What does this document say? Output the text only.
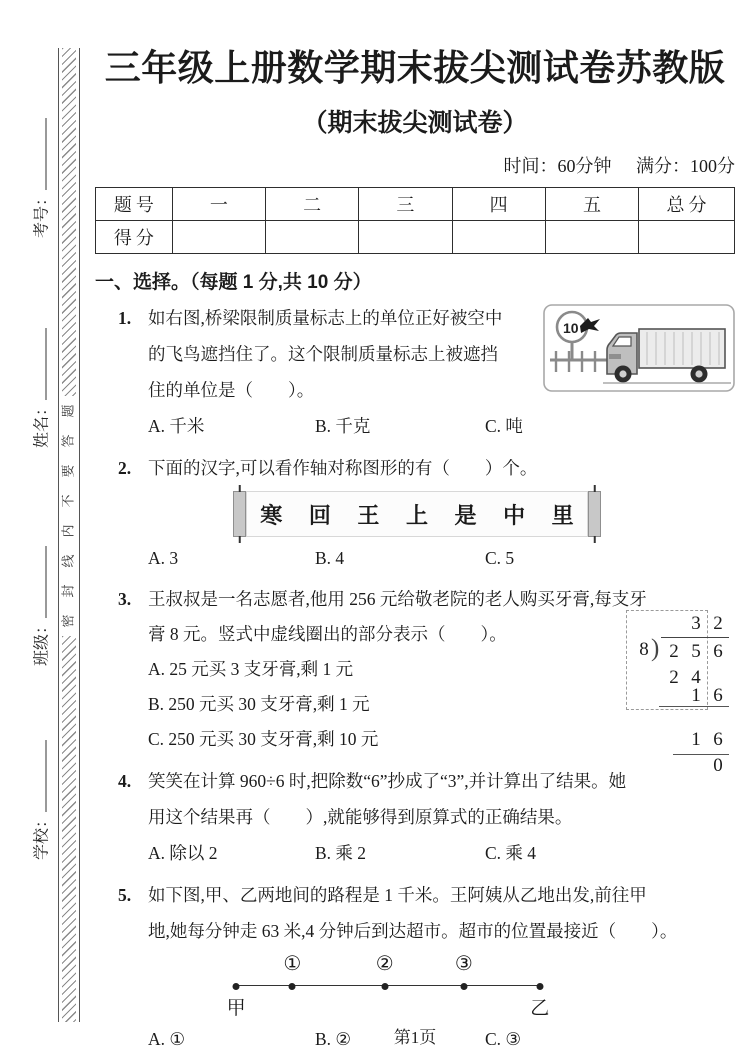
考号：
姓名：
班级：
学校：
题
答
要
不
内
线
封
密
三年级上册数学期末拔尖测试卷苏教版
（期末拔尖测试卷）
时间：60分钟 满分：100分
题号	一	二	三	四	五	总分
得分						
一、选择。（每题 1 分,共 10 分）
1. 如右图,桥梁限制质量标志上的单位正好被空中
的飞鸟遮挡住了。这个限制质量标志上被遮挡
住的单位是（　　）。
A. 千米	B. 千克	C. 吨
10
2. 下面的汉字,可以看作轴对称图形的有（　　）个。
寒 回 王 上 是 中 里
A. 3	B. 4	C. 5
3. 王叔叔是一名志愿者,他用 256 元给敬老院的老人购买牙膏,每支牙
膏 8 元。竖式中虚线圈出的部分表示（　　）。
A. 25 元买 3 支牙膏,剩 1 元
B. 250 元买 30 支牙膏,剩 1 元
C. 250 元买 30 支牙膏,剩 10 元
3 2
8 ) 2 5 6
2 4
1 6
1 6
0
4. 笑笑在计算 960÷6 时,把除数“6”抄成了“3”,并计算出了结果。她
用这个结果再（　　）,就能够得到原算式的正确结果。
A. 除以 2	B. 乘 2	C. 乘 4
5. 如下图,甲、乙两地间的路程是 1 千米。王阿姨从乙地出发,前往甲
地,她每分钟走 63 米,4 分钟后到达超市。超市的位置最接近（　　）。
①	②	③
甲	乙
A. ①	B. ②	C. ③
第1页
